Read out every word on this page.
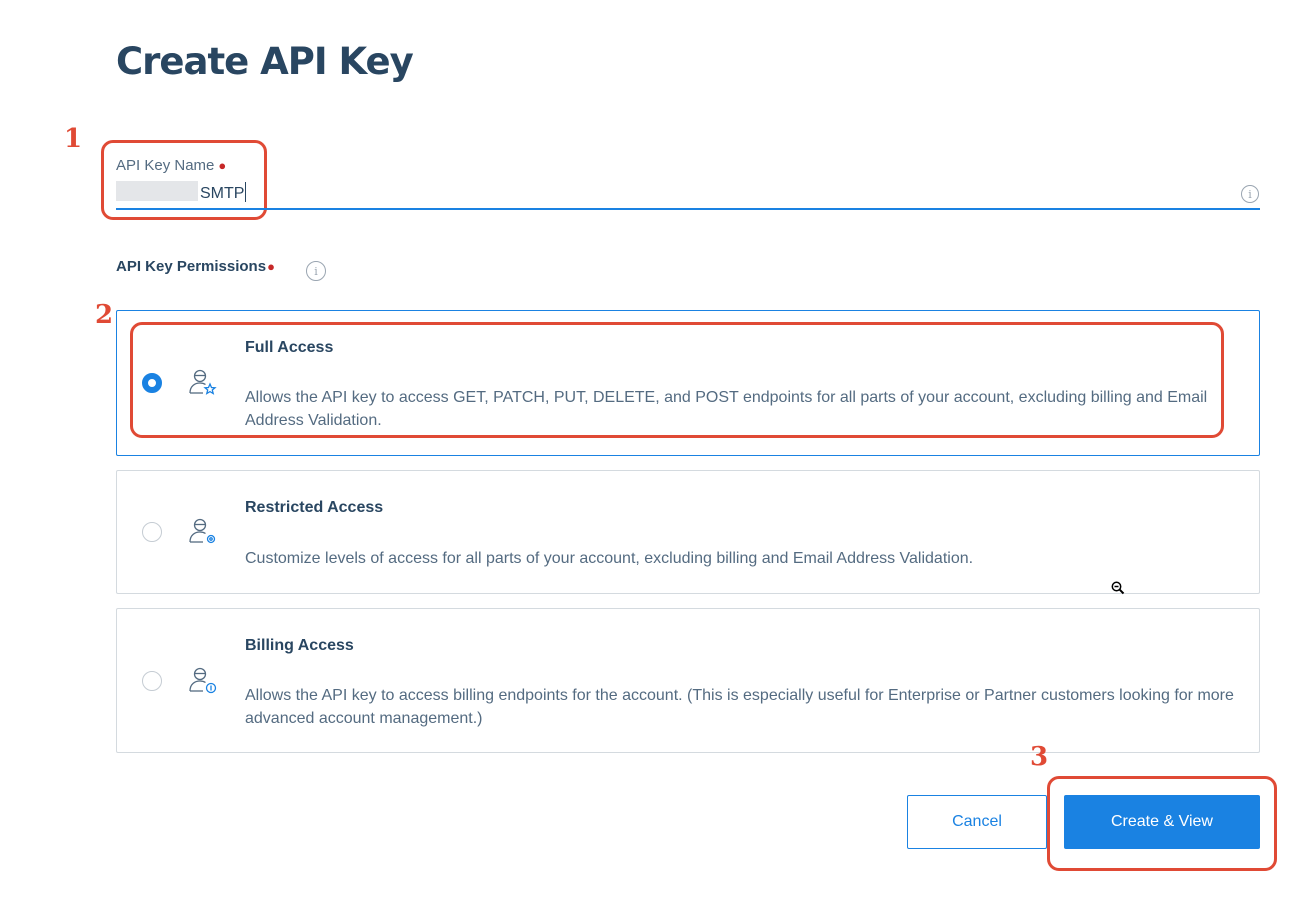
Create API Key
1
API Key Name ●
SMTP	i
API Key Permissions●	i
2
Full Access
Allows the API key to access GET, PATCH, PUT, DELETE, and POST endpoints for all parts of your account, excluding billing and Email Address Validation.
Restricted Access
Customize levels of access for all parts of your account, excluding billing and Email Address Validation.
Billing Access
Allows the API key to access billing endpoints for the account. (This is especially useful for Enterprise or Partner customers looking for more advanced account management.)
3
Cancel	Create & View
